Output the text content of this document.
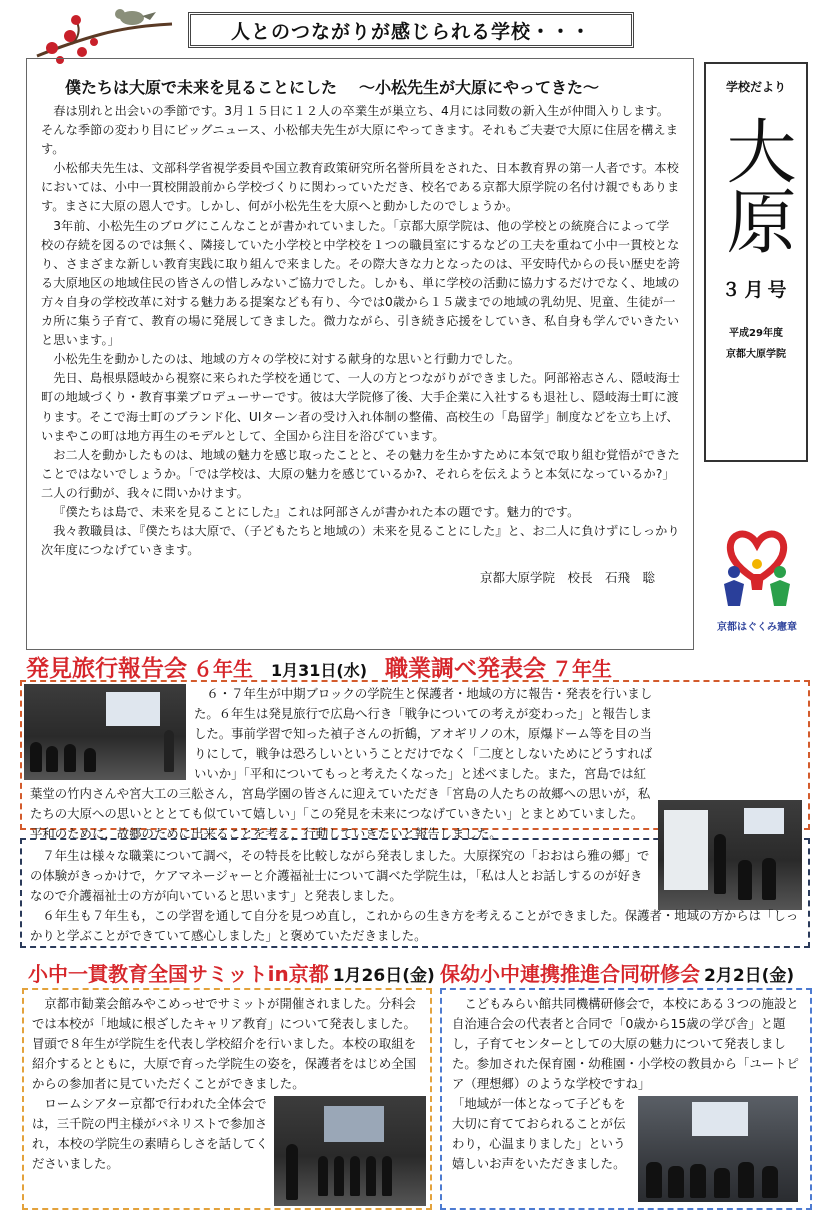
人とのつながりが感じられる学校・・・
学校だより
大原
３月号
平成29年度
京都大原学院
京都はぐくみ憲章
僕たちは大原で未来を見ることにした ～小松先生が大原にやってきた～

春は別れと出会いの季節です。3月１５日に１２人の卒業生が巣立ち、4月には同数の新入生が仲間入りします。そんな季節の変わり目にビッグニュース、小松郁夫先生が大原にやってきます。それもご夫妻で大原に住居を構えます。

小松郁夫先生は、文部科学省視学委員や国立教育政策研究所名誉所員をされた、日本教育界の第一人者です。本校においては、小中一貫校開設前から学校づくりに関わっていただき、校名である京都大原学院の名付け親でもあります。まさに大原の恩人です。しかし、何が小松先生を大原へと動かしたのでしょうか。

3年前、小松先生のブログにこんなことが書かれていました。「京都大原学院は、他の学校との統廃合によって学校の存続を図るのでは無く、隣接していた小学校と中学校を１つの職員室にするなどの工夫を重ねて小中一貫校となり、さまざまな新しい教育実践に取り組んで来ました。その際大きな力となったのは、平安時代からの長い歴史を誇る大原地区の地域住民の皆さんの惜しみないご協力でした。しかも、単に学校の活動に協力するだけでなく、地域の方々自身の学校改革に対する魅力ある提案なども有り、今では0歳から１５歳までの地域の乳幼児、児童、生徒が一カ所に集う子育て、教育の場に発展してきました。微力ながら、引き続き応援をしていき、私自身も学んでいきたいと思います。」

小松先生を動かしたのは、地域の方々の学校に対する献身的な思いと行動力でした。

先日、島根県隠岐から視察に来られた学校を通じて、一人の方とつながりができました。阿部裕志さん、隠岐海士町の地域づくり・教育事業プロデューサーです。彼は大学院修了後、大手企業に入社するも退社し、隠岐海士町に渡ります。そこで海士町のブランド化、UIターン者の受け入れ体制の整備、高校生の「島留学」制度などを立ち上げ、いまやこの町は地方再生のモデルとして、全国から注目を浴びています。

お二人を動かしたものは、地域の魅力を感じ取ったことと、その魅力を生かすために本気で取り組む覚悟ができたことではないでしょうか。「では学校は、大原の魅力を感じているか?、それらを伝えようと本気になっているか?」二人の行動が、我々に問いかけます。

『僕たちは島で、未来を見ることにした』これは阿部さんが書かれた本の題です。魅力的です。

我々教職員は、『僕たちは大原で、（子どもたちと地域の）未来を見ることにした』と、お二人に負けずにしっかり次年度につなげていきます。

京都大原学院　校長　石飛　聡
発見旅行報告会 ６年生 1月31日(水) 職業調べ発表会 ７年生

６・７年生が中期ブロックの学院生と保護者・地域の方に報告・発表を行いました。６年生は発見旅行で広島へ行き「戦争についての考えが変わった」と報告しました。事前学習で知った禎子さんの折鶴，アオギリノの木，原爆ドーム等を目の当りにして，戦争は恐ろしいということだけでなく「二度としないためにどうすればいいか」「平和についてもっと考えたくなった」と述べました。また，宮島では紅葉堂の竹内さんや宮大工の三舩さん，宮島学園の皆さんに迎えていただき「宮島の人たちの故郷への思いが，私たちの大原への思いとととても似ていて嬉しい」「この発見を未来につなげていきたい」とまとめていました。平和のために，故郷のために出来ることを考え，行動していきたいと報告しました。

７年生は様々な職業について調べ，その特長を比較しながら発表しました。大原探究の「おおはら雅の郷」での体験がきっかけで，ケアマネージャーと介護福祉士について調べた学院生は，「私は人とお話しするのが好きなので介護福祉士の方が向いていると思います」と発表しました。

６年生も７年生も，この学習を通して自分を見つめ直し，これからの生き方を考えることができました。保護者・地域の方からは「しっかりと学ぶことができていて感心しました」と褒めていただきました。

小中一貫教育全国サミットin京都 1月26日(金)

京都市勧業会館みやこめっせでサミットが開催されました。分科会では本校が「地域に根ざしたキャリア教育」について発表しました。冒頭で８年生が学院生を代表し学校紹介を行いました。本校の取組を紹介するとともに，大原で育った学院生の姿を，保護者をはじめ全国からの参加者に見ていただくことができました。

ロームシアター京都で行われた全体会では，三千院の門主様がパネリストで参加され，本校の学院生の素晴らしさを話してくださいました。

保幼小中連携推進合同研修会 2月2日(金)

こどもみらい館共同機構研修会で，本校にある３つの施設と自治連合会の代表者と合同で「0歳から15歳の学び舎」と題し，子育てセンターとしての大原の魅力について発表しました。参加された保育園・幼稚園・小学校の教員から「ユートピア（理想郷）のような学校ですね」

「地域が一体となって子どもを大切に育てておられることが伝わり，心温まりました」という嬉しいお声をいただきました。
